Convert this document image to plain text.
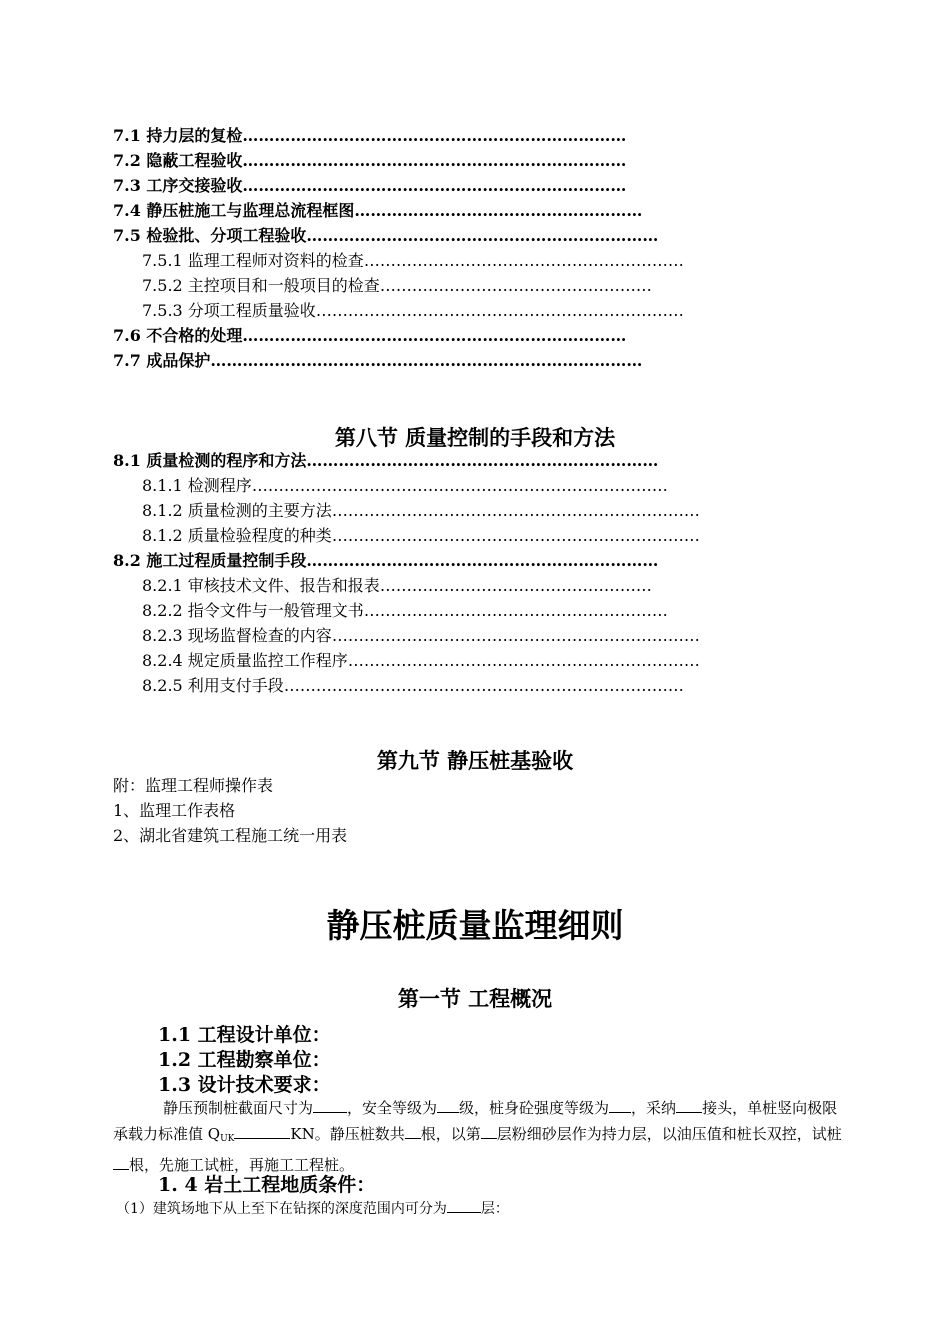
7.1 持力层的复检………………………………………………………………
7.2 隐蔽工程验收………………………………………………………………
7.3 工序交接验收………………………………………………………………
7.4 静压桩施工与监理总流程框图………………………………………………
7.5 检验批、分项工程验收…………………………………………………………
7.5.1 监理工程师对资料的检查……………………………………………………
7.5.2 主控项目和一般项目的检查……………………………………………
7.5.3 分项工程质量验收……………………………………………………………
7.6 不合格的处理………………………………………………………………
7.7 成品保护………………………………………………………………………
第八节 质量控制的手段和方法
8.1 质量检测的程序和方法…………………………………………………………
8.1.1 检测程序……………………………………………………………………
8.1.2 质量检测的主要方法……………………………………………………………
8.1.2 质量检验程度的种类……………………………………………………………
8.2 施工过程质量控制手段…………………………………………………………
8.2.1 审核技术文件、报告和报表……………………………………………
8.2.2 指令文件与一般管理文书…………………………………………………
8.2.3 现场监督检查的内容……………………………………………………………
8.2.4 规定质量监控工作程序…………………………………………………………
8.2.5 利用支付手段…………………………………………………………………
第九节 静压桩基验收
附：监理工程师操作表
1、监理工作表格
2、湖北省建筑工程施工统一用表
静压桩质量监理细则
第一节 工程概况
1.1 工程设计单位：
1.2 工程勘察单位：
1.3 设计技术要求：
静压预制桩截面尺寸为 ，安全等级为 级，桩身砼强度等级为 ，采纳 接头，单桩竖向极限承载力标准值 $Q_{UK}$	KN。静压桩数共 根，以第 层粉细砂层作为持力层，以油压值和桩长双控，试桩根，先施工试桩，再施工工程桩。
1. 4 岩土工程地质条件：
（1）建筑场地下从上至下在钻探的深度范围内可分为 层：
